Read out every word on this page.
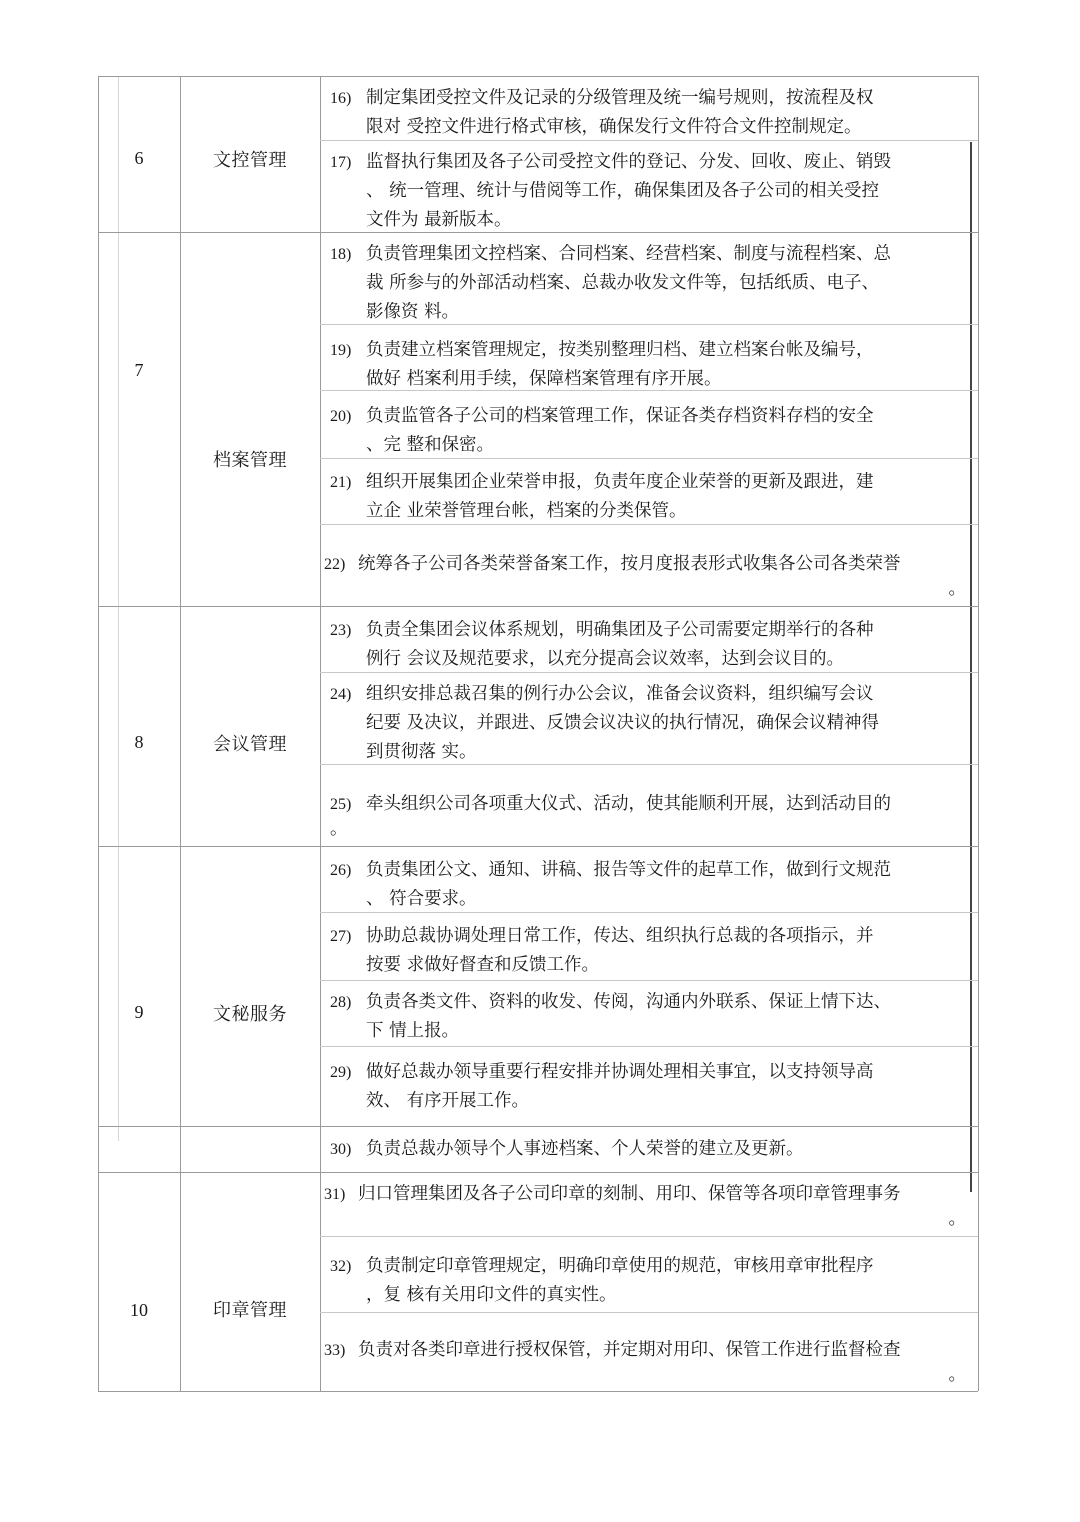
6	文控管理
16) 制定集团受控文件及记录的分级管理及统一编号规则，按流程及权
限对 受控文件进行格式审核，确保发行文件符合文件控制规定。
17) 监督执行集团及各子公司受控文件的登记、分发、回收、废止、销毁
、 统一管理、统计与借阅等工作，确保集团及各子公司的相关受控
文件为 最新版本。
7
档案管理
18) 负责管理集团文控档案、合同档案、经营档案、制度与流程档案、总
裁 所参与的外部活动档案、总裁办收发文件等，包括纸质、电子、
影像资 料。
19) 负责建立档案管理规定，按类别整理归档、建立档案台帐及编号，
做好 档案利用手续，保障档案管理有序开展。
20) 负责监管各子公司的档案管理工作，保证各类存档资料存档的安全
、完 整和保密。
21) 组织开展集团企业荣誉申报，负责年度企业荣誉的更新及跟进，建
立企 业荣誉管理台帐，档案的分类保管。
22) 统筹各子公司各类荣誉备案工作，按月度报表形式收集各公司各类荣誉
。
8	会议管理
23) 负责全集团会议体系规划，明确集团及子公司需要定期举行的各种
例行 会议及规范要求，以充分提高会议效率，达到会议目的。
24) 组织安排总裁召集的例行办公会议，准备会议资料，组织编写会议
纪要 及决议，并跟进、反馈会议决议的执行情况，确保会议精神得
到贯彻落 实。
25) 牵头组织公司各项重大仪式、活动，使其能顺利开展，达到活动目的
。
9	文秘服务
26) 负责集团公文、通知、讲稿、报告等文件的起草工作，做到行文规范
、 符合要求。
27) 协助总裁协调处理日常工作，传达、组织执行总裁的各项指示，并
按要 求做好督查和反馈工作。
28) 负责各类文件、资料的收发、传阅，沟通内外联系、保证上情下达、
下 情上报。
29) 做好总裁办领导重要行程安排并协调处理相关事宜，以支持领导高
效、 有序开展工作。
30) 负责总裁办领导个人事迹档案、个人荣誉的建立及更新。
10	印章管理
31) 归口管理集团及各子公司印章的刻制、用印、保管等各项印章管理事务
。
32) 负责制定印章管理规定，明确印章使用的规范，审核用章审批程序
，复 核有关用印文件的真实性。
33) 负责对各类印章进行授权保管，并定期对用印、保管工作进行监督检查
。
